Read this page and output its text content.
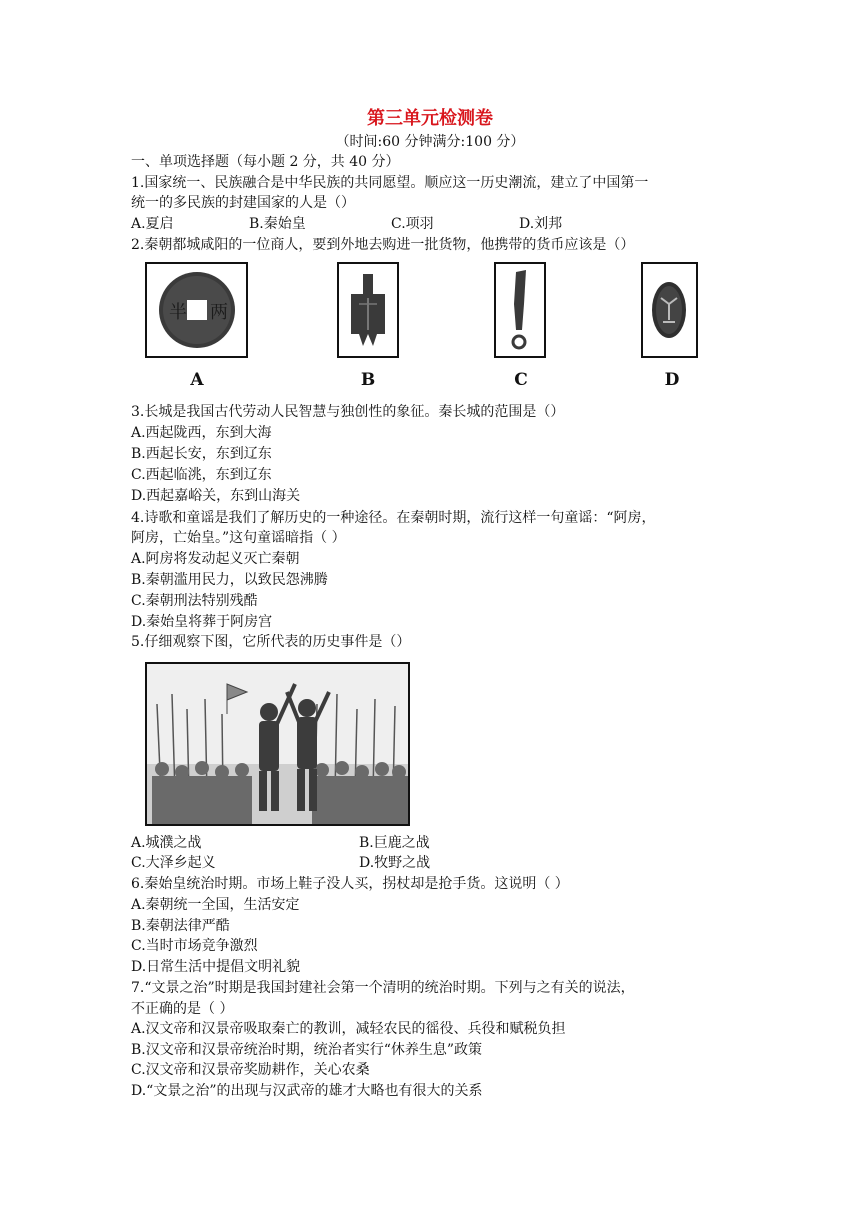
第三单元检测卷
（时间:60 分钟满分:100 分）
一、单项选择题（每小题 2 分，共 40 分）
1.国家统一、民族融合是中华民族的共同愿望。顺应这一历史潮流，建立了中国第一
统一的多民族的封建国家的人是（）
A.夏启	B.秦始皇	C.项羽	D.刘邦
2.秦朝都城咸阳的一位商人，要到外地去购进一批货物，他携带的货币应该是（）
半 两
A	B	C	D
3.长城是我国古代劳动人民智慧与独创性的象征。秦长城的范围是（）
A.西起陇西，东到大海
B.西起长安，东到辽东
C.西起临洮，东到辽东
D.西起嘉峪关，东到山海关
4.诗歌和童谣是我们了解历史的一种途径。在秦朝时期，流行这样一句童谣：“阿房，
阿房，亡始皇。”这句童谣暗指（ ）
A.阿房将发动起义灭亡秦朝
B.秦朝滥用民力，以致民怨沸腾
C.秦朝刑法特别残酷
D.秦始皇将葬于阿房宫
5.仔细观察下图，它所代表的历史事件是（）
A.城濮之战	B.巨鹿之战
C.大泽乡起义	D.牧野之战
6.秦始皇统治时期。市场上鞋子没人买，拐杖却是抢手货。这说明（ ）
A.秦朝统一全国，生活安定
B.秦朝法律严酷
C.当时市场竞争激烈
D.日常生活中提倡文明礼貌
7.“文景之治”时期是我国封建社会第一个清明的统治时期。下列与之有关的说法，
不正确的是（ ）
A.汉文帝和汉景帝吸取秦亡的教训，减轻农民的徭役、兵役和赋税负担
B.汉文帝和汉景帝统治时期，统治者实行“休养生息”政策
C.汉文帝和汉景帝奖励耕作，关心农桑
D.“文景之治”的出现与汉武帝的雄才大略也有很大的关系
